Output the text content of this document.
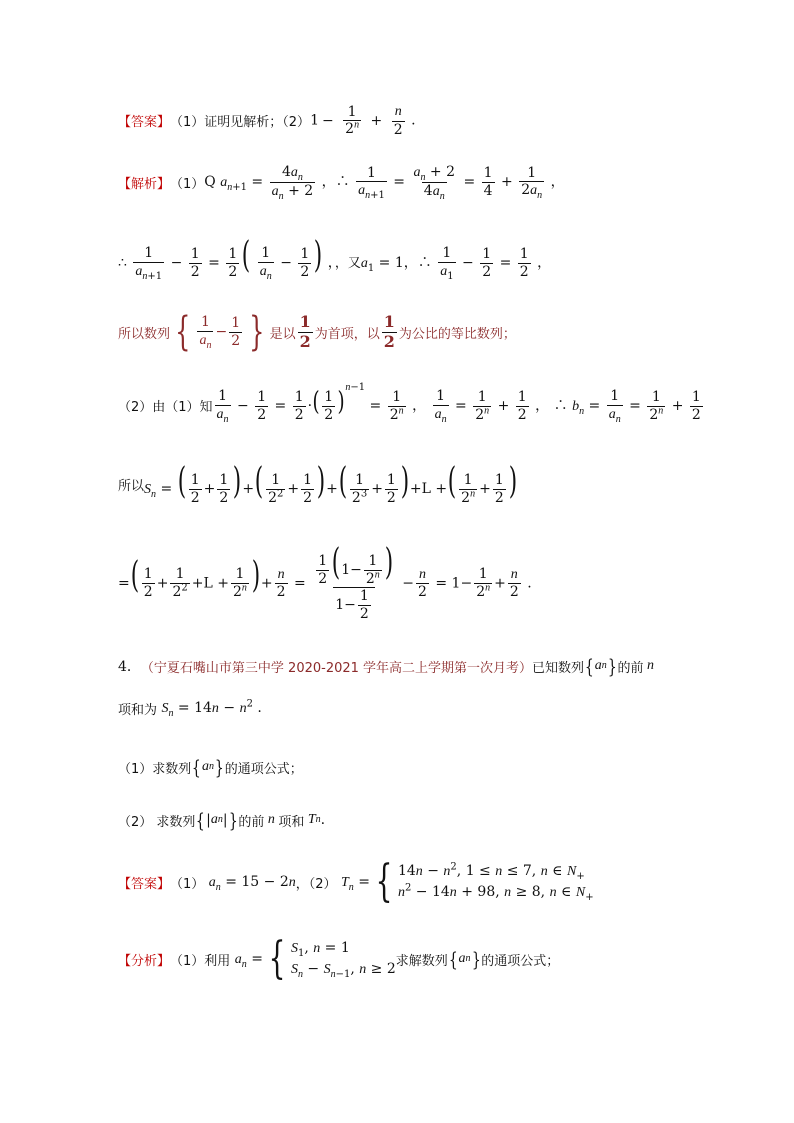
【答案】 （1）证明见解析；（2） $1 - \frac{1}{2^n} + \frac{n}{2}$ .
【解析】 （1） Q $a_{n+1} = \frac{4a_n}{a_n + 2}$ ，∴ $\frac{1}{a_{n+1}} = \frac{a_n + 2}{4a_n} = \frac{1}{4} + \frac{1}{2a_n}$ ，
∴ $\frac{1}{a_{n+1}} - \frac{1}{2} = \frac{1}{2}$ ( $\frac{1}{a_n} - \frac{1}{2}$ ) ，，又$a_1 = 1$，∴ $\frac{1}{a_1} - \frac{1}{2} = \frac{1}{2}$ ，
所以数列 { $\frac{1}{a_n} - \frac{1}{2}$ } 是以 $\frac{1}{2}$ 为首项，以 $\frac{1}{2}$ 为公比的等比数列；
（2）由（1）知 $\frac{1}{a_n} - \frac{1}{2} = \frac{1}{2}$ ·( $\frac{1}{2} )^{n-1} = \frac{1}{2^n}$ ， $\frac{1}{a_n} = \frac{1}{2^n} + \frac{1}{2}$ ， ∴ $b_n = \frac{1}{a_n} = \frac{1}{2^n} + \frac{1}{2}$
所以 $S_n$ = ( $\frac{1}{2} + \frac{1}{2}$ )+( $\frac{1}{2^2} + \frac{1}{2}$ )+( $\frac{1}{2^3} + \frac{1}{2} )+L$ +( $\frac{1}{2^n} + \frac{1}{2}$ )
=( $\frac{1}{2} + \frac{1}{2^2} +L + \frac{1}{2^n}$ )+ $\frac{n}{2} = \frac{\frac{1}{2} (1- \frac{1}{2^n} )}{1- \frac{1}{2}} - \frac{n}{2} = 1- \frac{1}{2^n} + \frac{n}{2}$ .
4． （宁夏石嘴山市第三中学 2020-2021 学年高二上学期第一次月考） 已知数列 { a n } 的前 n
项和为 $S_n = 14n - n^2$ .
（1）求数列 { a n } 的通项公式；
（2） 求数列 { | a n | } 的前 n 项和 T n .
【答案】 （1） $a_n = 15 - 2n$ ，（2） $T_n$ = { $14n - n^2$, 1 ≤ n ≤ 7, n ∈ $N_+$
$n^2 - 14n + 98$, n ≥ 8, n ∈ $N_+$
【分析】 （1）利用 $a_n$ = { $S_1$, n = 1
$S_n - S_{n-1}$, n ≥ 2 求解数列 { a n } 的通项公式；
